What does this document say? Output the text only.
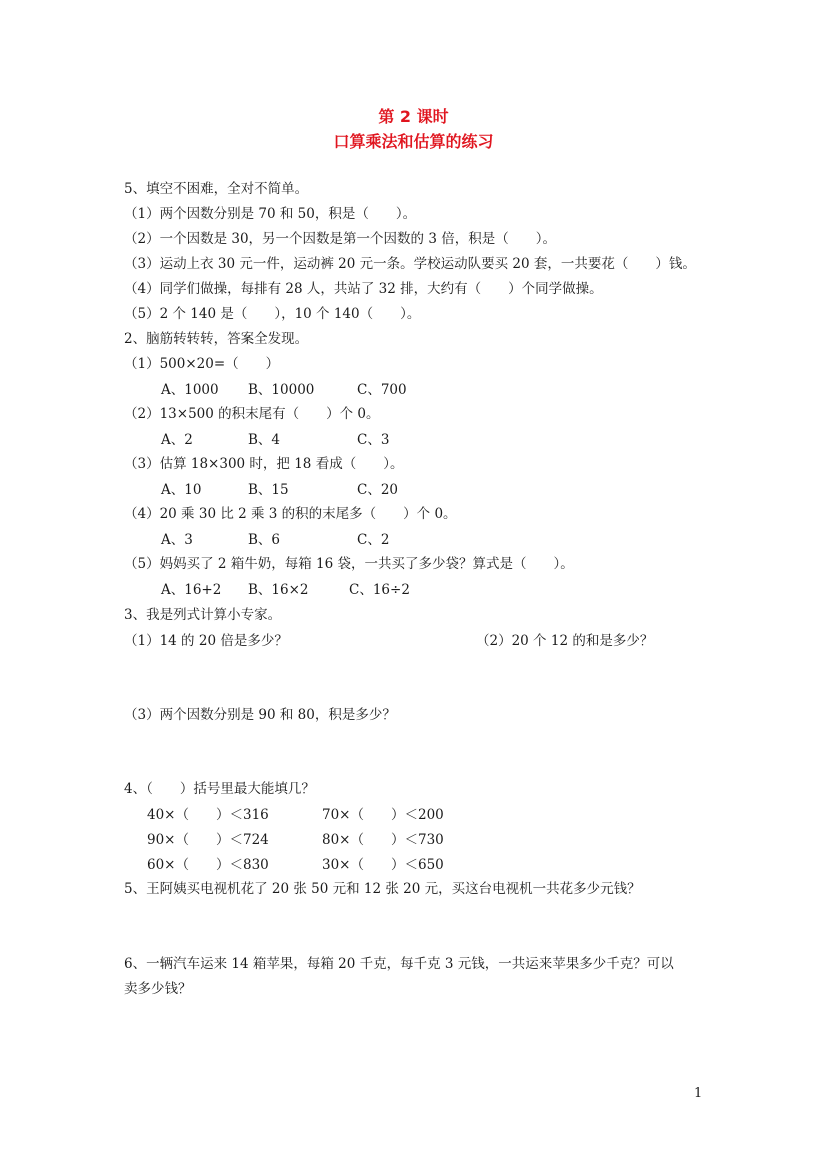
第 2 课时
口算乘法和估算的练习
5、填空不困难，全对不简单。
（1）两个因数分别是 70 和 50，积是（　　）。
（2）一个因数是 30，另一个因数是第一个因数的 3 倍，积是（　　）。
（3）运动上衣 30 元一件，运动裤 20 元一条。学校运动队要买 20 套，一共要花（　　）钱。
（4）同学们做操，每排有 28 人，共站了 32 排，大约有（　　）个同学做操。
（5）2 个 140 是（　　），10 个 140（　　）。
2、脑筋转转转，答案全发现。
（1）500×20=（　　）
A、1000 B、10000	C、700
（2）13×500 的积末尾有（　　）个 0。
A、2	B、4	C、3
（3）估算 18×300 时，把 18 看成（　　）。
A、10	B、15	C、20
（4）20 乘 30 比 2 乘 3 的积的末尾多（　　）个 0。
A、3	B、6	C、2
（5）妈妈买了 2 箱牛奶，每箱 16 袋，一共买了多少袋？算式是（　　）。
A、16+2 B、16×2	C、16÷2
3、我是列式计算小专家。
（1）14 的 20 倍是多少？	（2）20 个 12 的和是多少？
（3）两个因数分别是 90 和 80，积是多少？
4、（　　）括号里最大能填几？
40×（　　）＜316	70×（　　）＜200
90×（　　）＜724	80×（　　）＜730
60×（　　）＜830	30×（　　）＜650
5、王阿姨买电视机花了 20 张 50 元和 12 张 20 元，买这台电视机一共花多少元钱？
6、一辆汽车运来 14 箱苹果，每箱 20 千克，每千克 3 元钱，一共运来苹果多少千克？可以
卖多少钱？
1
